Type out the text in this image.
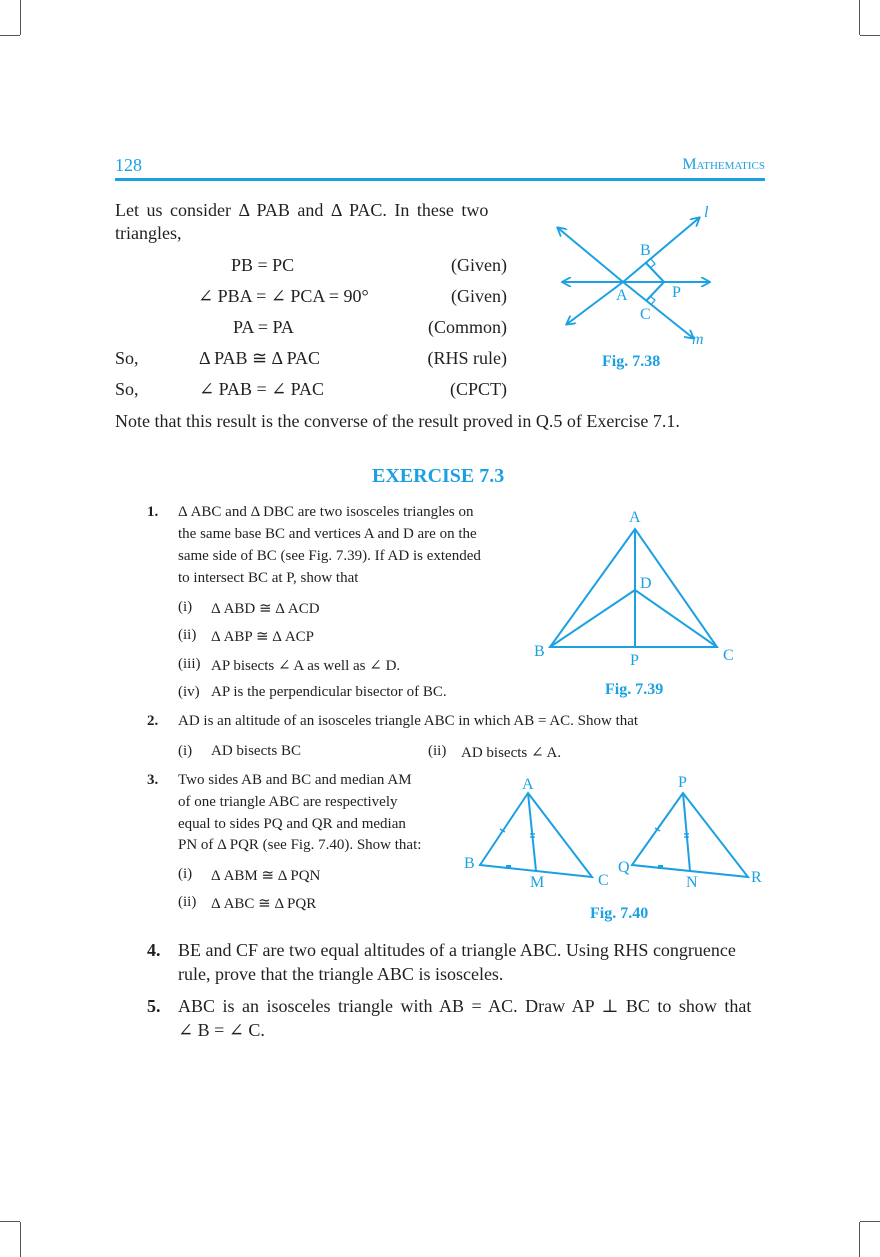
128	Mathematics
Let us consider Δ PAB and Δ PAC. In these two
triangles,
PB = PC	(Given)
∠ PBA = ∠ PCA = 90°	(Given)
PA = PA	(Common)
So,	Δ PAB ≅ Δ PAC	(RHS rule)
So,	∠ PAB = ∠ PAC	(CPCT)
l
m
B
A	P
C
Fig. 7.38
Note that this result is the converse of the result proved in Q.5 of Exercise 7.1.
EXERCISE 7.3
1. Δ ABC and Δ DBC are two isosceles triangles on
the same base BC and vertices A and D are on the
same side of BC (see Fig. 7.39). If AD is extended
to intersect BC at P, show that
(i) Δ ABD ≅ Δ ACD
(ii) Δ ABP ≅ Δ ACP
(iii) AP bisects ∠ A as well as ∠ D.
(iv) AP is the perpendicular bisector of BC.
A
D
B
P	C
Fig. 7.39
2. AD is an altitude of an isosceles triangle ABC in which AB = AC. Show that
(i) AD bisects BC	(ii) AD bisects ∠ A.
3. Two sides AB and BC and median AM
of one triangle ABC are respectively
equal to sides PQ and QR and median
PN of Δ PQR (see Fig. 7.40). Show that:
(i) Δ ABM ≅ Δ PQN
(ii) Δ ABC ≅ Δ PQR
A
B
M	C
P
Q
N	R
Fig. 7.40
4. BE and CF are two equal altitudes of a triangle ABC. Using RHS congruence
rule, prove that the triangle ABC is isosceles.
5. ABC is an isosceles triangle with AB = AC. Draw AP ⊥ BC to show that
∠ B = ∠ C.
